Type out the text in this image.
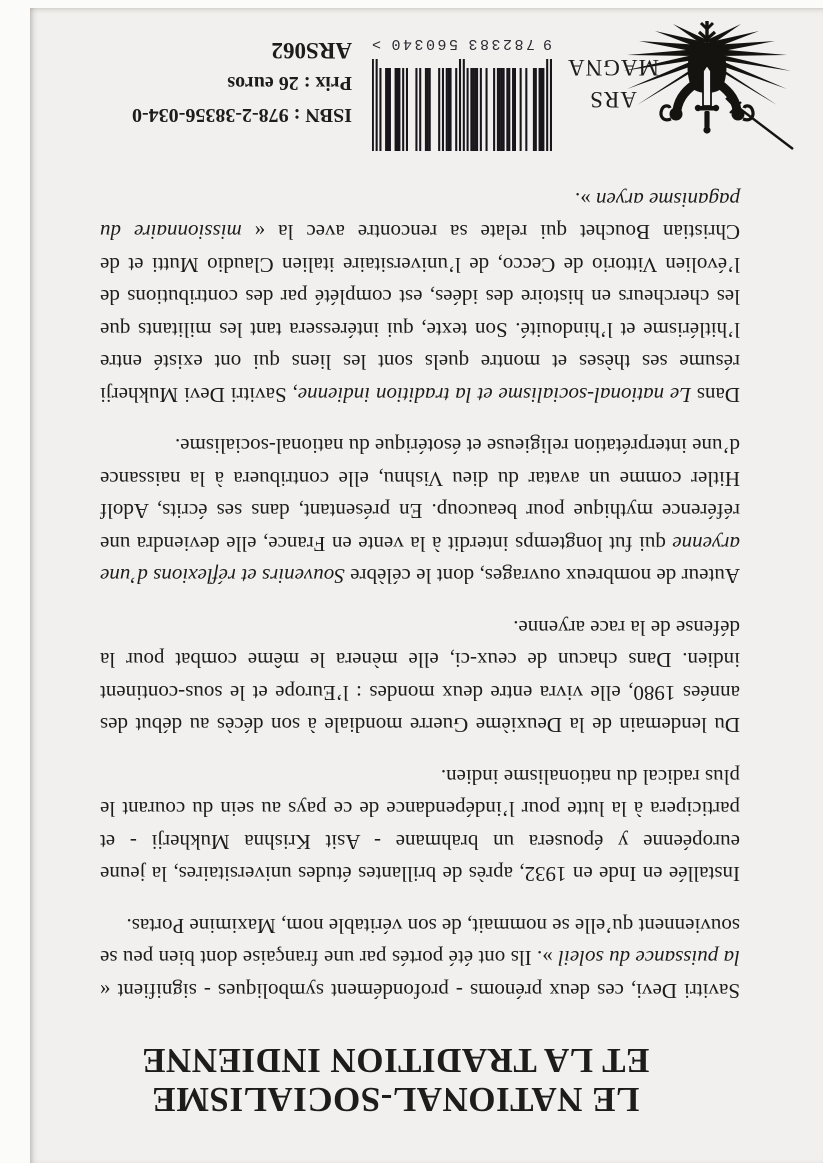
LE NATIONAL-SOCIALISME
ET LA TRADITION INDIENNE

Savitri Devi, ces deux prénoms - profondément symboliques - signifient « la puissance du soleil ». Ils ont été portés par une française dont bien peu se souviennent qu’elle se nommait, de son véritable nom, Maximine Portas.

Installée en Inde en 1932, après de brillantes études universitaires, la jeune européenne y épousera un brahmane - Asit Krishna Mukherji - et participera à la lutte pour l’indépendance de ce pays au sein du courant le plus radical du nationalisme indien.

Du lendemain de la Deuxième Guerre mondiale à son décès au début des années 1980, elle vivra entre deux mondes : l’Europe et le sous-continent indien. Dans chacun de ceux-ci, elle mènera le même combat pour la défense de la race aryenne.

Auteur de nombreux ouvrages, dont le célèbre Souvenirs et réflexions d’une aryenne qui fut longtemps interdit à la vente en France, elle deviendra une référence mythique pour beaucoup. En présentant, dans ses écrits, Adolf Hitler comme un avatar du dieu Vishnu, elle contribuera à la naissance d’une interprétation religieuse et ésotérique du national-socialisme.

Dans Le national-socialisme et la tradition indienne, Savitri Devi Mukherji résume ses thèses et montre quels sont les liens qui ont existé entre l’hitlérisme et l’hindouité. Son texte, qui intéressera tant les militants que les chercheurs en histoire des idées, est complété par des contributions de l’évolien Vittorio de Cecco, de l’universitaire italien Claudio Mutti et de Christian Bouchet qui relate sa rencontre avec la « missionnaire du paganisme aryen ».

ARS
MAGNA
9
782383
560340
>
ISBN : 978-2-38356-034-0
Prix : 26 euros
ARS062
